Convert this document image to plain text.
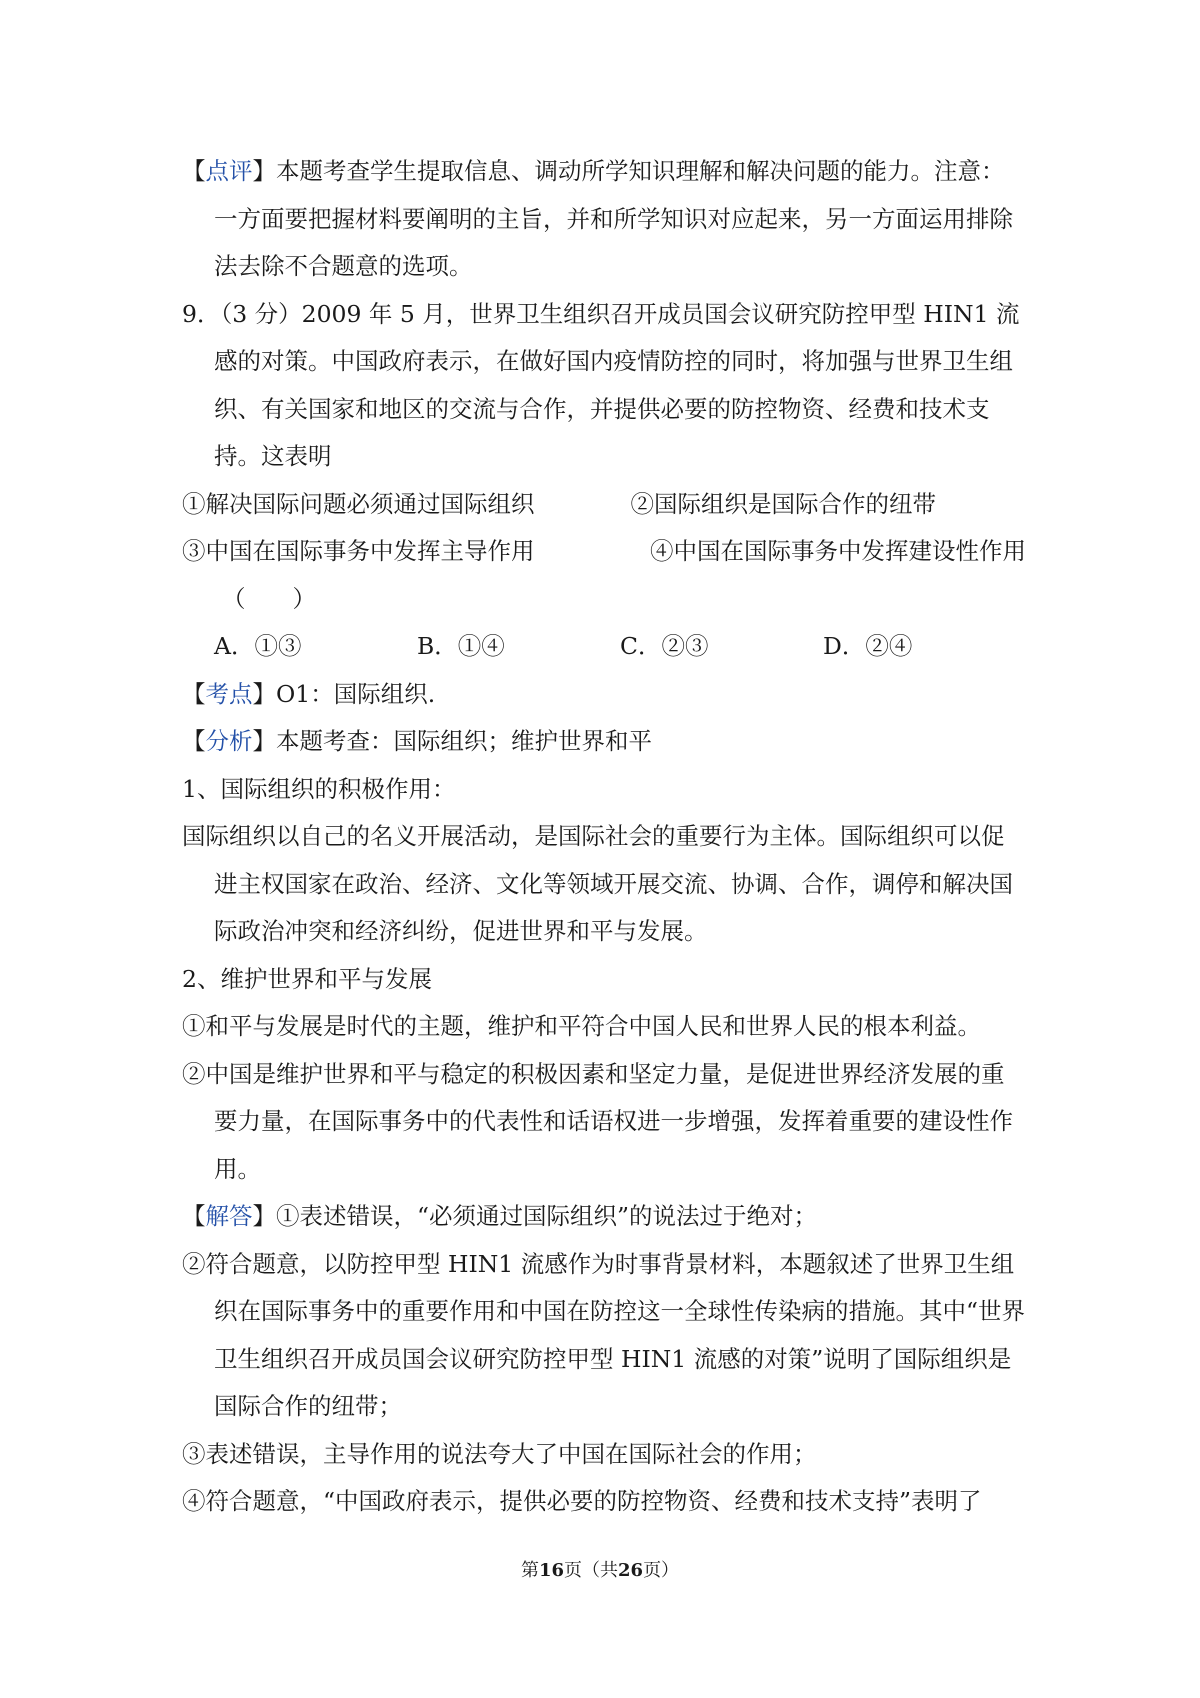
【点评】本题考查学生提取信息、调动所学知识理解和解决问题的能力。注意：一方面要把握材料要阐明的主旨，并和所学知识对应起来，另一方面运用排除法去除不合题意的选项。

9．（3 分）2009 年 5 月，世界卫生组织召开成员国会议研究防控甲型 HIN1 流感的对策。中国政府表示，在做好国内疫情防控的同时，将加强与世界卫生组织、有关国家和地区的交流与合作，并提供必要的防控物资、经费和技术支持。这表明

①解决国际问题必须通过国际组织	②国际组织是国际合作的纽带
③中国在国际事务中发挥主导作用	④中国在国际事务中发挥建设性作用

（　　）

A．①③	B．①④	C．②③	D．②④

【考点】O1：国际组织.

【分析】本题考查：国际组织；维护世界和平

1、国际组织的积极作用：

国际组织以自己的名义开展活动，是国际社会的重要行为主体。国际组织可以促进主权国家在政治、经济、文化等领域开展交流、协调、合作，调停和解决国际政治冲突和经济纠纷，促进世界和平与发展。

2、维护世界和平与发展

①和平与发展是时代的主题，维护和平符合中国人民和世界人民的根本利益。

②中国是维护世界和平与稳定的积极因素和坚定力量，是促进世界经济发展的重要力量，在国际事务中的代表性和话语权进一步增强，发挥着重要的建设性作用。

【解答】①表述错误，“必须通过国际组织”的说法过于绝对；

②符合题意，以防控甲型 HIN1 流感作为时事背景材料，本题叙述了世界卫生组织在国际事务中的重要作用和中国在防控这一全球性传染病的措施。其中“世界卫生组织召开成员国会议研究防控甲型 HIN1 流感的对策”说明了国际组织是国际合作的纽带；

③表述错误，主导作用的说法夸大了中国在国际社会的作用；

④符合题意，“中国政府表示，提供必要的防控物资、经费和技术支持”表明了

第16页（共26页）
